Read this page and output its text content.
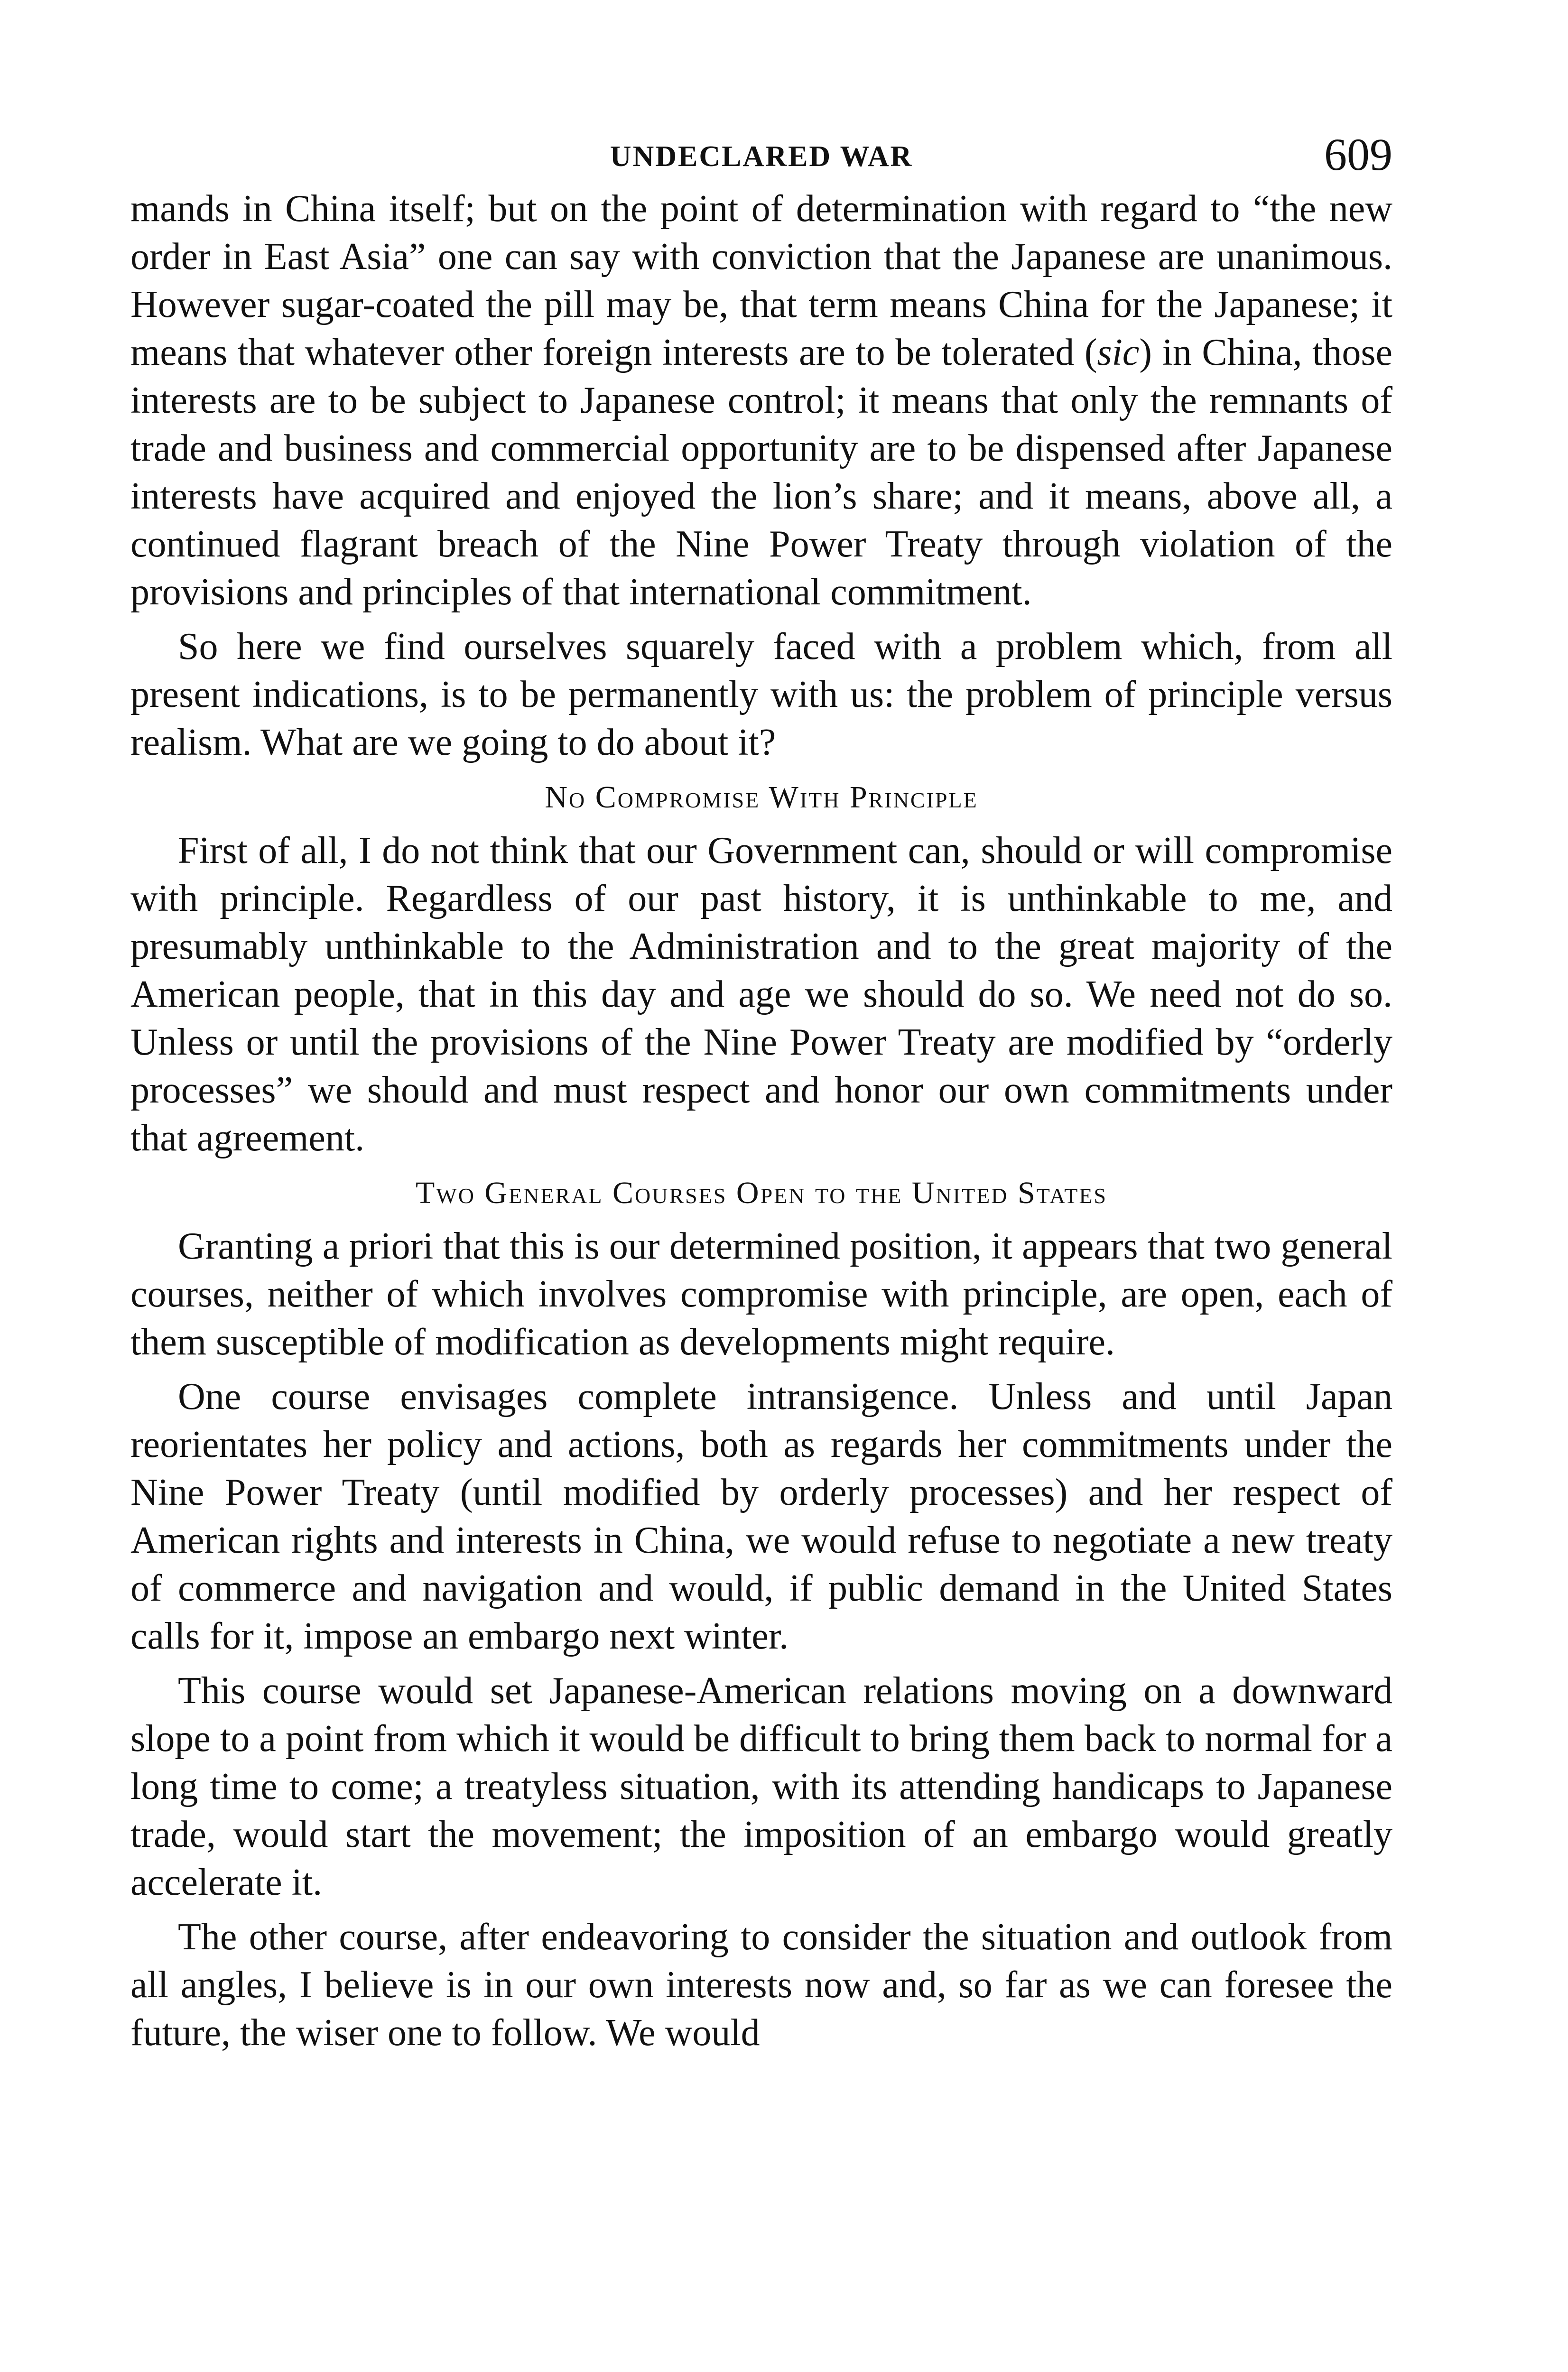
UNDECLARED WAR	609

mands in China itself; but on the point of determination with regard to “the new order in East Asia” one can say with conviction that the Japanese are unanimous. However sugar-coated the pill may be, that term means China for the Japanese; it means that whatever other foreign interests are to be tolerated (sic) in China, those interests are to be subject to Japanese control; it means that only the remnants of trade and business and commercial opportunity are to be dispensed after Japanese interests have acquired and enjoyed the lion’s share; and it means, above all, a continued flagrant breach of the Nine Power Treaty through violation of the provisions and principles of that international commitment.

So here we find ourselves squarely faced with a problem which, from all present indications, is to be permanently with us: the problem of principle versus realism. What are we going to do about it?

No Compromise With Principle

First of all, I do not think that our Government can, should or will compromise with principle. Regardless of our past history, it is unthinkable to me, and presumably unthinkable to the Administration and to the great majority of the American people, that in this day and age we should do so. We need not do so. Unless or until the provisions of the Nine Power Treaty are modified by “orderly processes” we should and must respect and honor our own commitments under that agreement.

Two General Courses Open to the United States

Granting a priori that this is our determined position, it appears that two general courses, neither of which involves compromise with principle, are open, each of them susceptible of modification as developments might require.

One course envisages complete intransigence. Unless and until Japan reorientates her policy and actions, both as regards her commitments under the Nine Power Treaty (until modified by orderly processes) and her respect of American rights and interests in China, we would refuse to negotiate a new treaty of commerce and navigation and would, if public demand in the United States calls for it, impose an embargo next winter.

This course would set Japanese-American relations moving on a downward slope to a point from which it would be difficult to bring them back to normal for a long time to come; a treatyless situation, with its attending handicaps to Japanese trade, would start the movement; the imposition of an embargo would greatly accelerate it.

The other course, after endeavoring to consider the situation and outlook from all angles, I believe is in our own interests now and, so far as we can foresee the future, the wiser one to follow. We would
